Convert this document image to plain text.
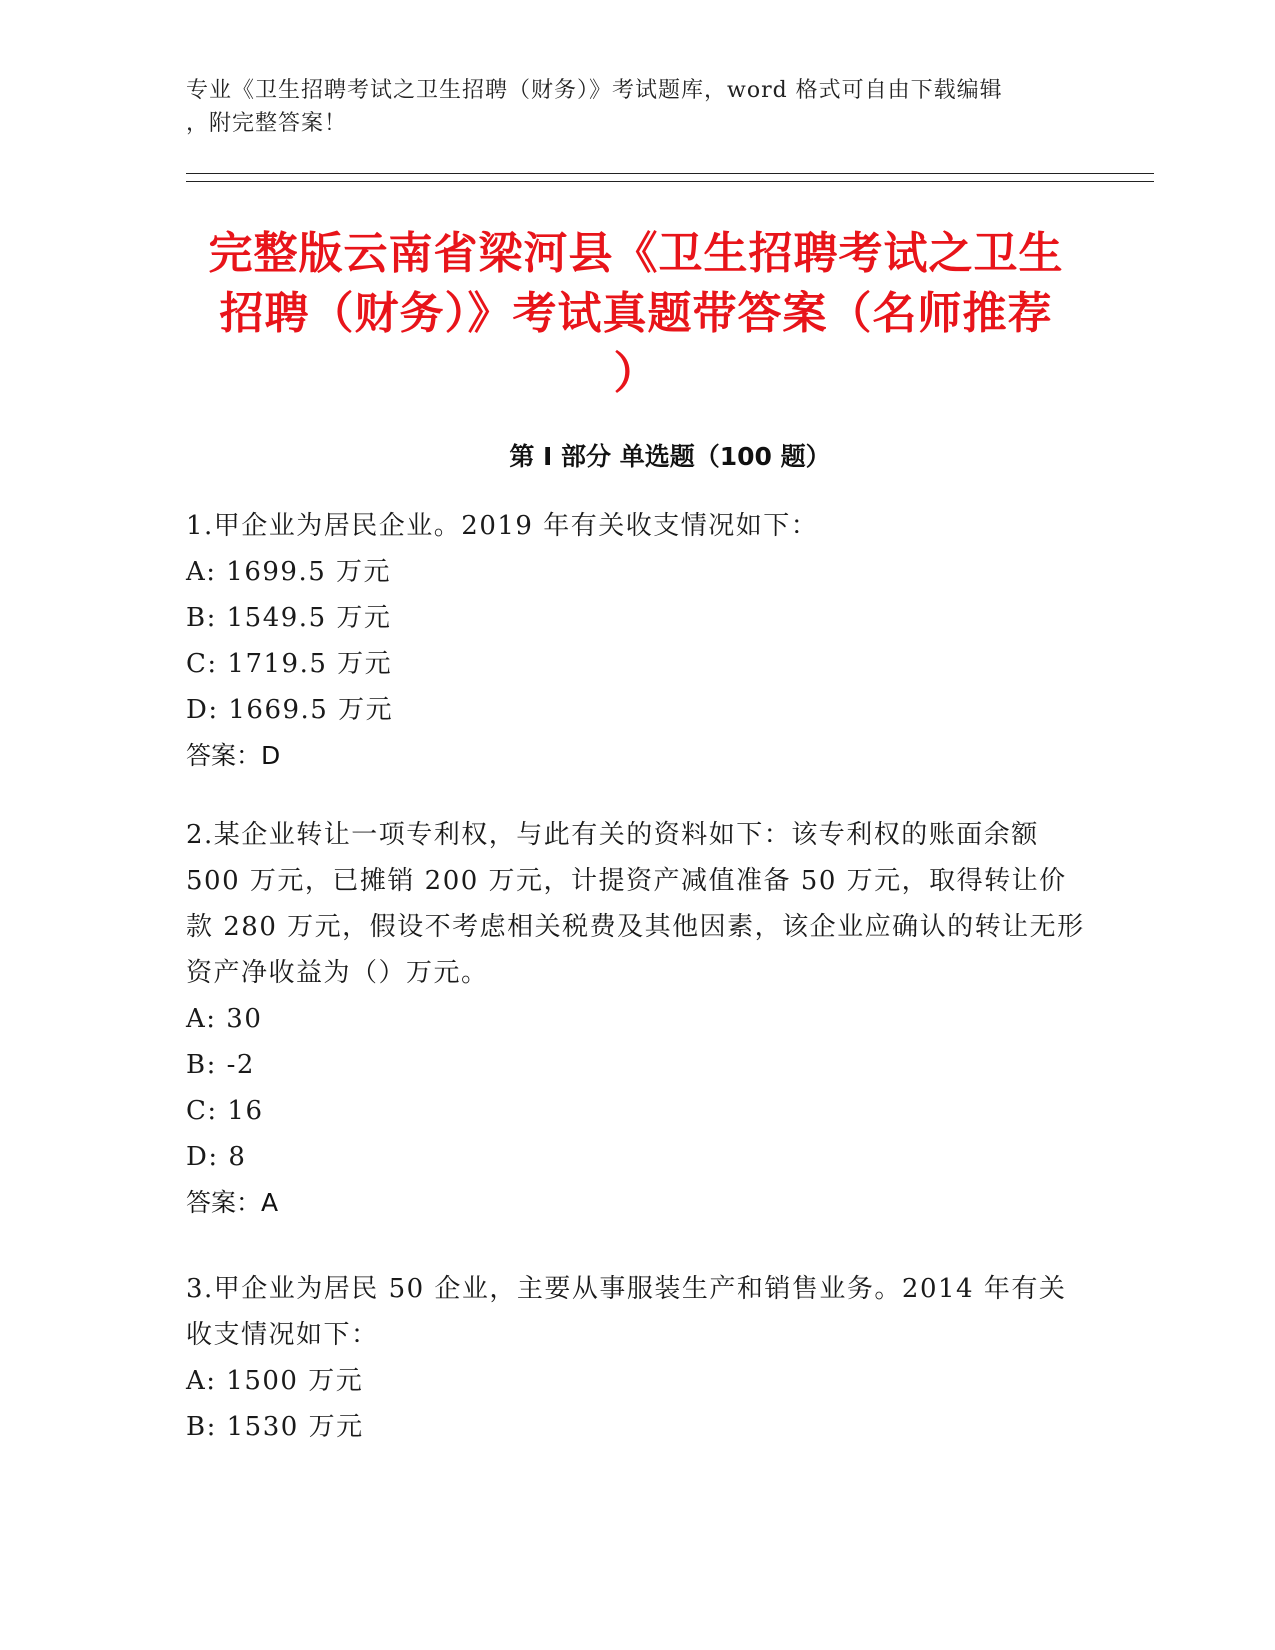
专业《卫生招聘考试之卫生招聘（财务）》考试题库，word 格式可自由下载编辑
，附完整答案！
完整版云南省梁河县《卫生招聘考试之卫生
招聘（财务）》考试真题带答案（名师推荐
）
第 I 部分 单选题（100 题）
1.甲企业为居民企业。2019 年有关收支情况如下：
A: 1699.5 万元
B: 1549.5 万元
C: 1719.5 万元
D: 1669.5 万元
答案：D
2.某企业转让一项专利权，与此有关的资料如下：该专利权的账面余额 500 万元，已摊销 200 万元，计提资产减值准备 50 万元，取得转让价款 280 万元，假设不考虑相关税费及其他因素，该企业应确认的转让无形资产净收益为（）万元。
A: 30
B: -2
C: 16
D: 8
答案：A
3.甲企业为居民 50 企业，主要从事服装生产和销售业务。2014 年有关收支情况如下：
A: 1500 万元
B: 1530 万元
